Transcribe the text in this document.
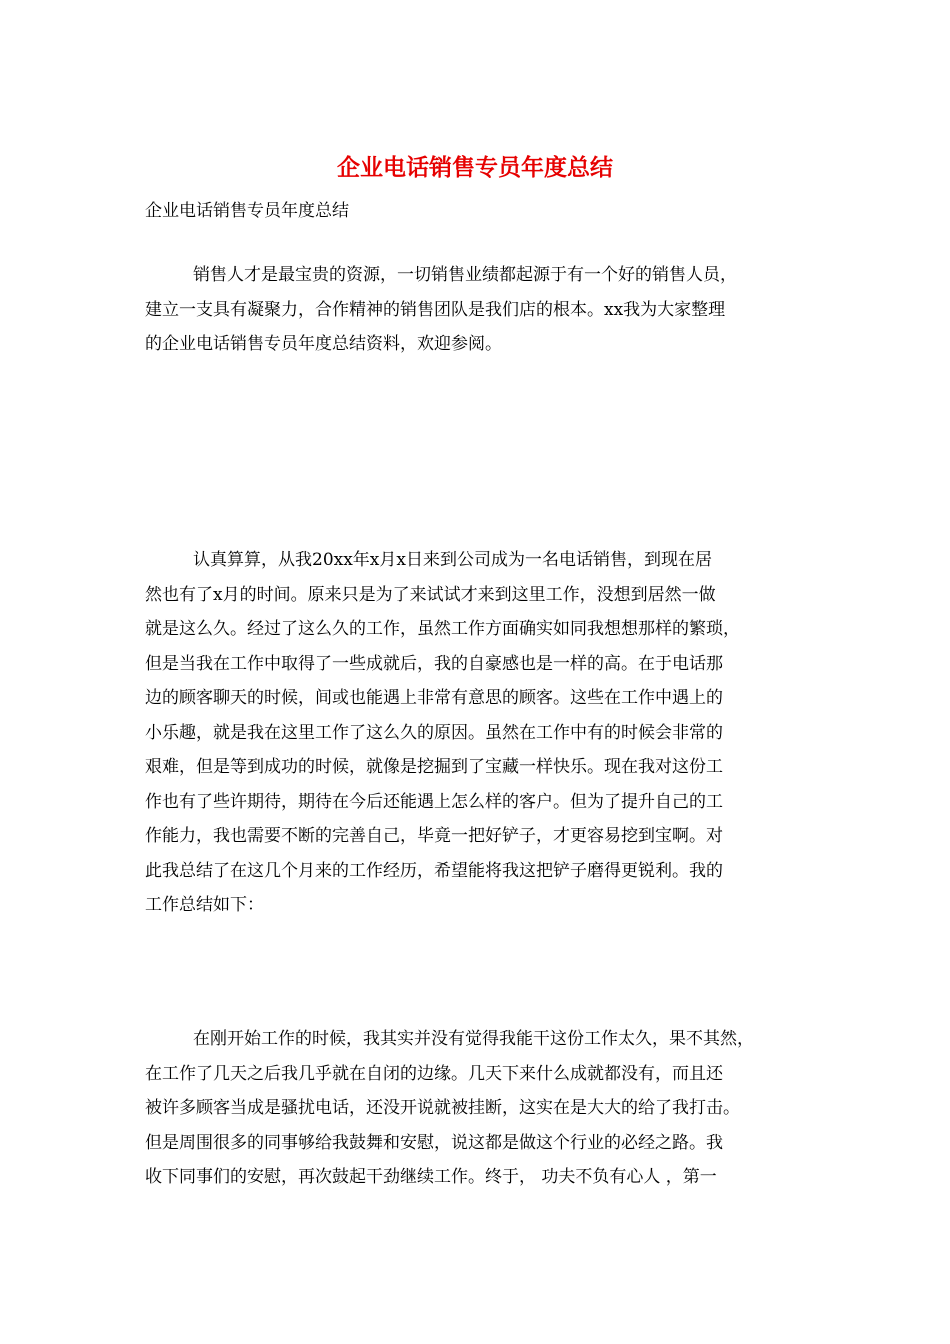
企业电话销售专员年度总结

企业电话销售专员年度总结

销售人才是最宝贵的资源，一切销售业绩都起源于有一个好的销售人员，
建立一支具有凝聚力，合作精神的销售团队是我们店的根本。xx我为大家整理
的企业电话销售专员年度总结资料，欢迎参阅。
认真算算，从我20xx年x月x日来到公司成为一名电话销售，到现在居
然也有了x月的时间。原来只是为了来试试才来到这里工作，没想到居然一做
就是这么久。经过了这么久的工作，虽然工作方面确实如同我想想那样的繁琐，
但是当我在工作中取得了一些成就后，我的自豪感也是一样的高。在于电话那
边的顾客聊天的时候，间或也能遇上非常有意思的顾客。这些在工作中遇上的
小乐趣，就是我在这里工作了这么久的原因。虽然在工作中有的时候会非常的
艰难，但是等到成功的时候，就像是挖掘到了宝藏一样快乐。现在我对这份工
作也有了些许期待，期待在今后还能遇上怎么样的客户。但为了提升自己的工
作能力，我也需要不断的完善自己，毕竟一把好铲子，才更容易挖到宝啊。对
此我总结了在这几个月来的工作经历，希望能将我这把铲子磨得更锐利。我的
工作总结如下：
在刚开始工作的时候，我其实并没有觉得我能干这份工作太久，果不其然，
在工作了几天之后我几乎就在自闭的边缘。几天下来什么成就都没有，而且还
被许多顾客当成是骚扰电话，还没开说就被挂断，这实在是大大的给了我打击。
但是周围很多的同事够给我鼓舞和安慰，说这都是做这个行业的必经之路。我
收下同事们的安慰，再次鼓起干劲继续工作。终于， 功夫不负有心人 ，第一
